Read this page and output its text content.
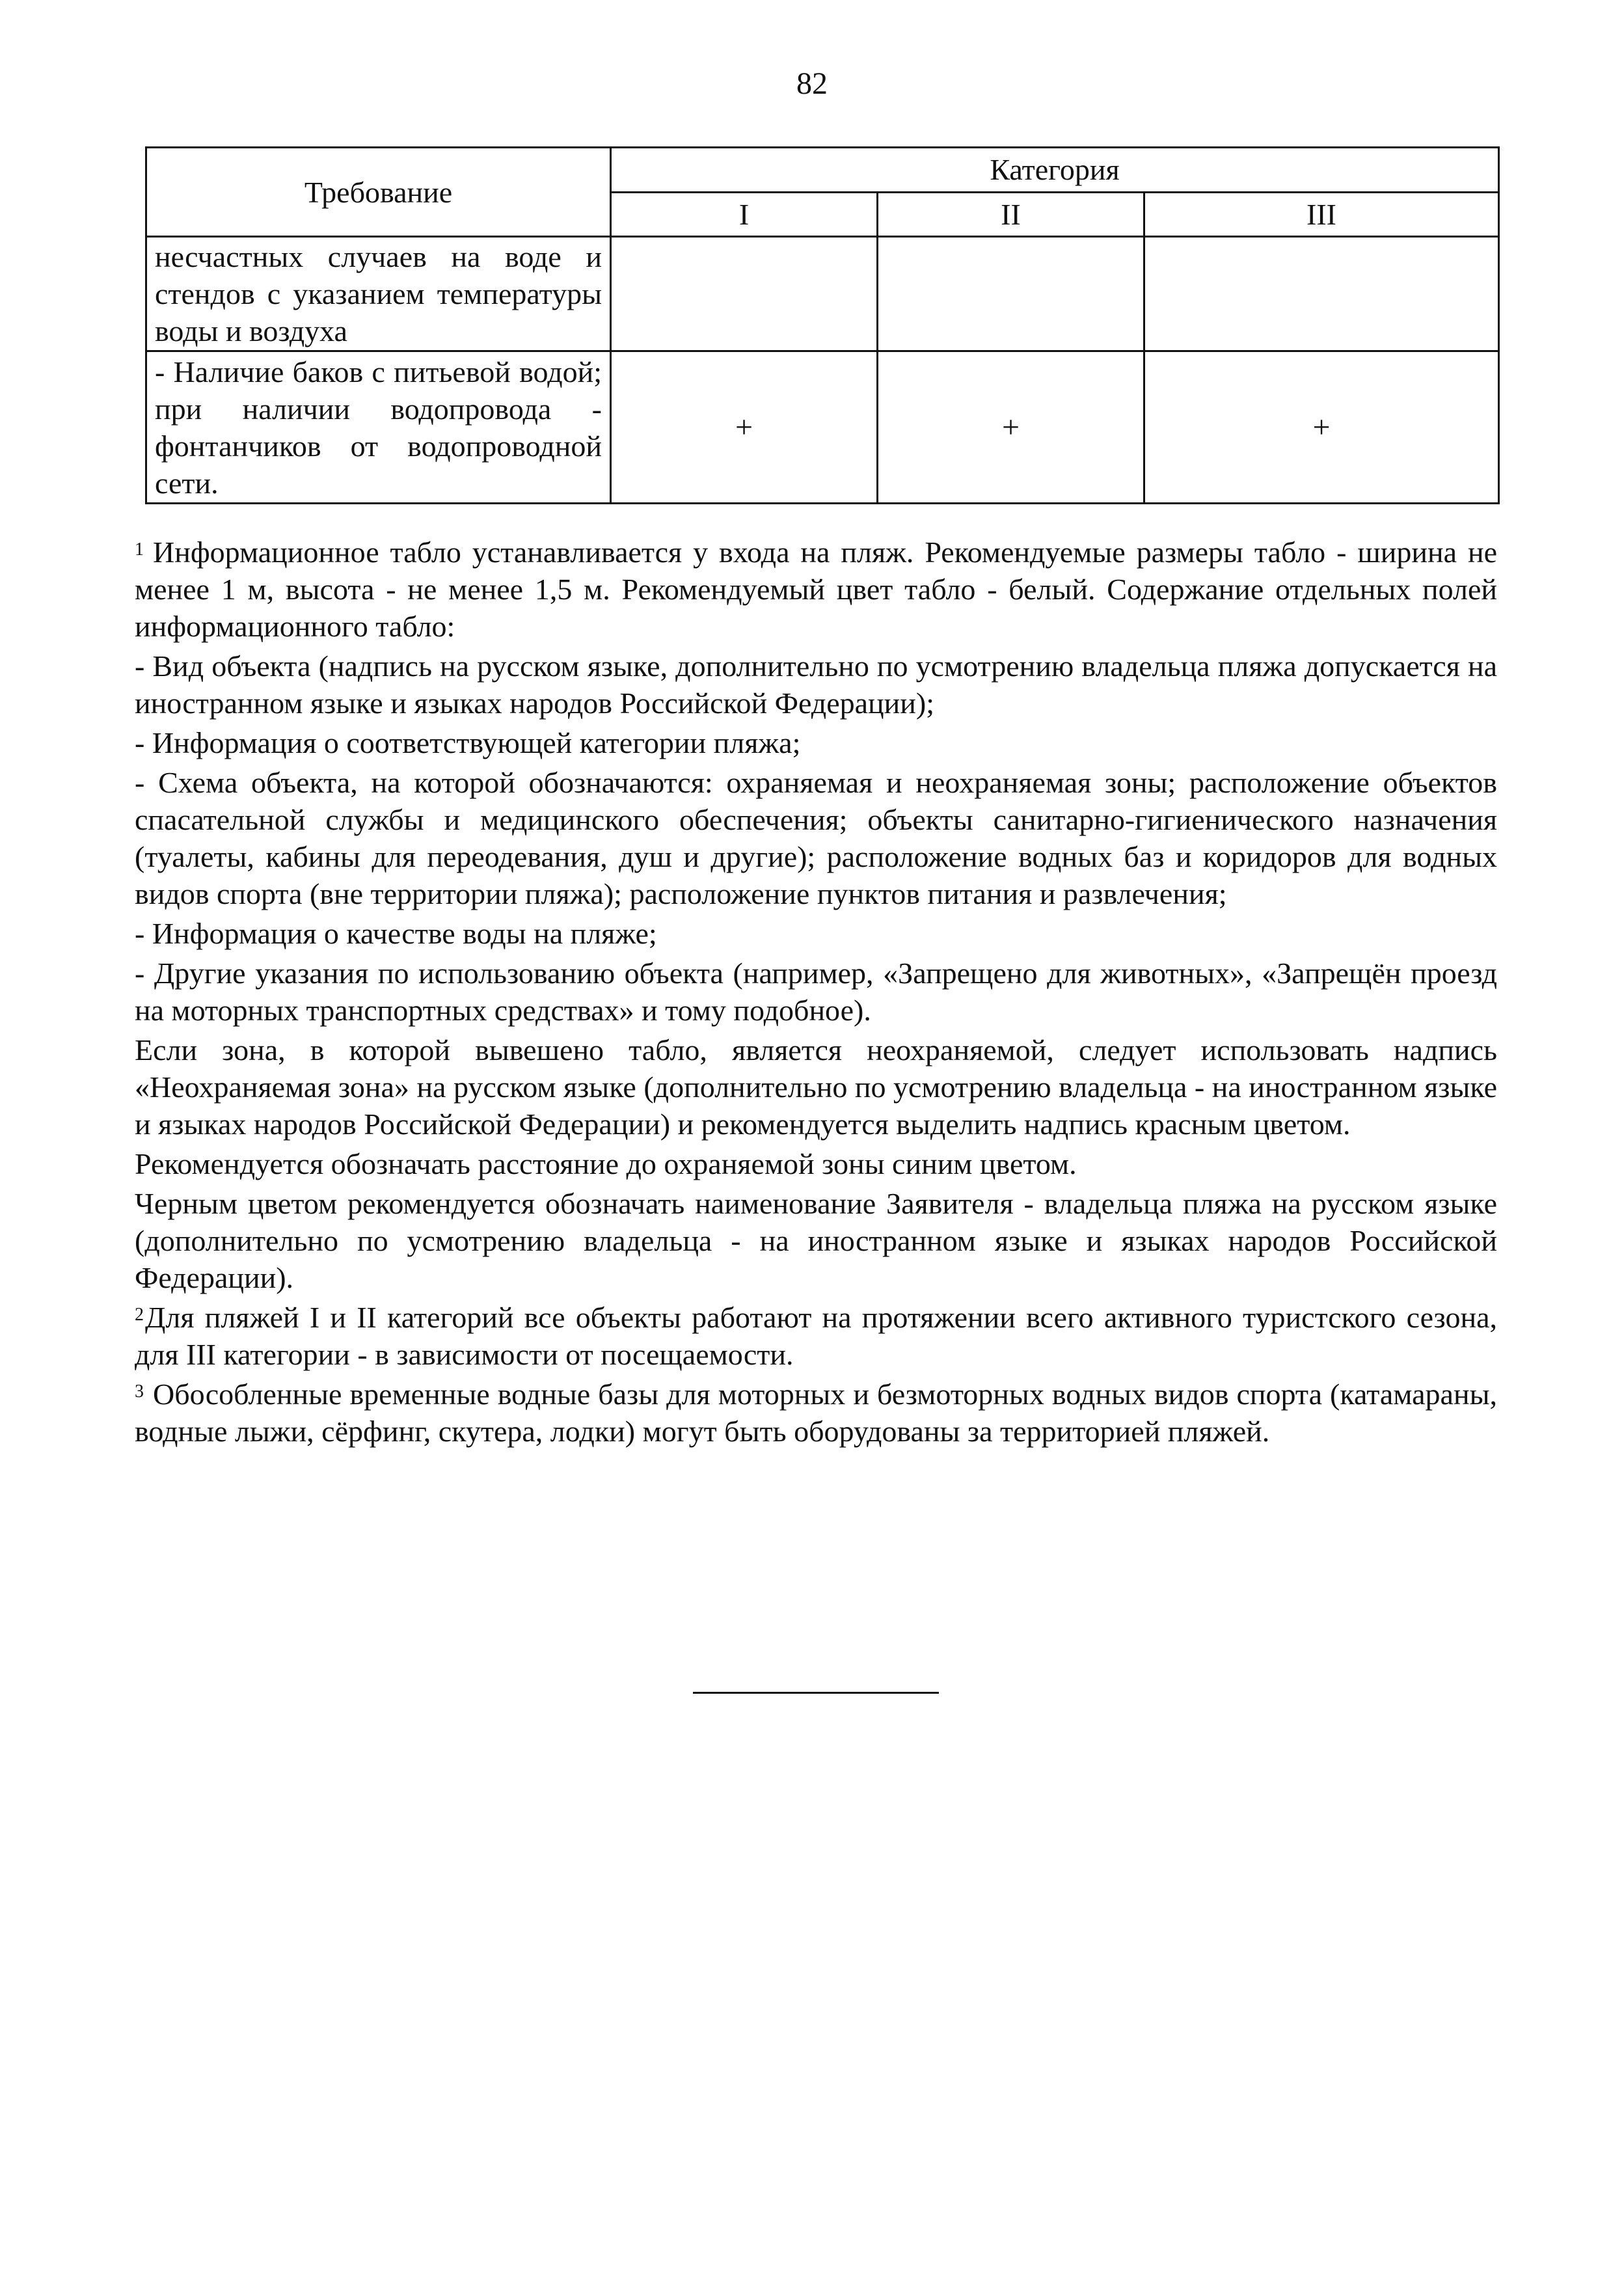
82
Требование	Категория		
	I	II	III
несчастных случаев на воде и стендов с указанием температуры воды и воздуха			
- Наличие баков с питьевой водой; при наличии водопровода - фонтанчиков от водопроводной сети.	+	+	+

$^1$ Информационное табло устанавливается у входа на пляж. Рекомендуемые размеры табло - ширина не менее 1 м, высота - не менее 1,5 м. Рекомендуемый цвет табло - белый. Содержание отдельных полей информационного табло:

- Вид объекта (надпись на русском языке, дополнительно по усмотрению владельца пляжа допускается на иностранном языке и языках народов Российской Федерации);

- Информация о соответствующей категории пляжа;

- Схема объекта, на которой обозначаются: охраняемая и неохраняемая зоны; расположение объектов спасательной службы и медицинского обеспечения; объекты санитарно-гигиенического назначения (туалеты, кабины для переодевания, душ и другие); расположение водных баз и коридоров для водных видов спорта (вне территории пляжа); расположение пунктов питания и развлечения;

- Информация о качестве воды на пляже;

- Другие указания по использованию объекта (например, «Запрещено для животных», «Запрещён проезд на моторных транспортных средствах» и тому подобное).

Если зона, в которой вывешено табло, является неохраняемой, следует использовать надпись «Неохраняемая зона» на русском языке (дополнительно по усмотрению владельца - на иностранном языке и языках народов Российской Федерации) и рекомендуется выделить надпись красным цветом.

Рекомендуется обозначать расстояние до охраняемой зоны синим цветом.

Черным цветом рекомендуется обозначать наименование Заявителя - владельца пляжа на русском языке (дополнительно по усмотрению владельца - на иностранном языке и языках народов Российской Федерации).

$^2$Для пляжей I и II категорий все объекты работают на протяжении всего активного туристского сезона, для III категории - в зависимости от посещаемости.

$^3$ Обособленные временные водные базы для моторных и безмоторных водных видов спорта (катамараны, водные лыжи, сёрфинг, скутера, лодки) могут быть оборудованы за территорией пляжей.
